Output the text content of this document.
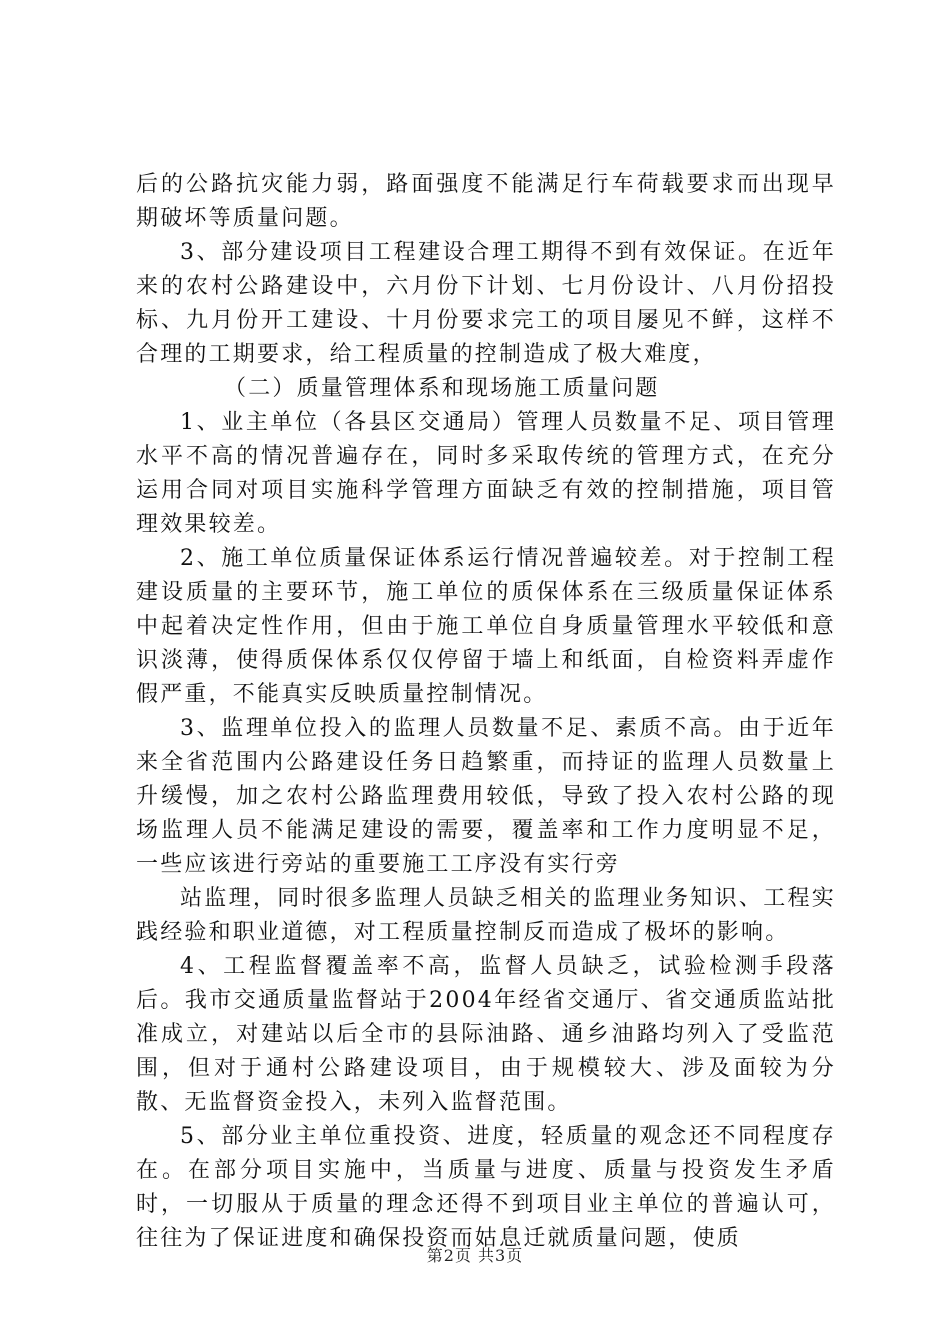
后的公路抗灾能力弱，路面强度不能满足行车荷载要求而出现早期破坏等质量问题。

3、部分建设项目工程建设合理工期得不到有效保证。在近年来的农村公路建设中，六月份下计划、七月份设计、八月份招投标、九月份开工建设、十月份要求完工的项目屡见不鲜，这样不合理的工期要求，给工程质量的控制造成了极大难度，

（二）质量管理体系和现场施工质量问题

1、业主单位（各县区交通局）管理人员数量不足、项目管理水平不高的情况普遍存在，同时多采取传统的管理方式，在充分运用合同对项目实施科学管理方面缺乏有效的控制措施，项目管理效果较差。

2、施工单位质量保证体系运行情况普遍较差。对于控制工程建设质量的主要环节，施工单位的质保体系在三级质量保证体系中起着决定性作用，但由于施工单位自身质量管理水平较低和意识淡薄，使得质保体系仅仅停留于墙上和纸面，自检资料弄虚作假严重，不能真实反映质量控制情况。

3、监理单位投入的监理人员数量不足、素质不高。由于近年来全省范围内公路建设任务日趋繁重，而持证的监理人员数量上升缓慢，加之农村公路监理费用较低，导致了投入农村公路的现场监理人员不能满足建设的需要，覆盖率和工作力度明显不足，一些应该进行旁站的重要施工工序没有实行旁

站监理，同时很多监理人员缺乏相关的监理业务知识、工程实践经验和职业道德，对工程质量控制反而造成了极坏的影响。

4、工程监督覆盖率不高，监督人员缺乏，试验检测手段落后。我市交通质量监督站于2004年经省交通厅、省交通质监站批准成立，对建站以后全市的县际油路、通乡油路均列入了受监范围，但对于通村公路建设项目，由于规模较大、涉及面较为分散、无监督资金投入，未列入监督范围。

5、部分业主单位重投资、进度，轻质量的观念还不同程度存在。在部分项目实施中，当质量与进度、质量与投资发生矛盾时，一切服从于质量的理念还得不到项目业主单位的普遍认可，往往为了保证进度和确保投资而姑息迁就质量问题，使质

第2页 共3页
